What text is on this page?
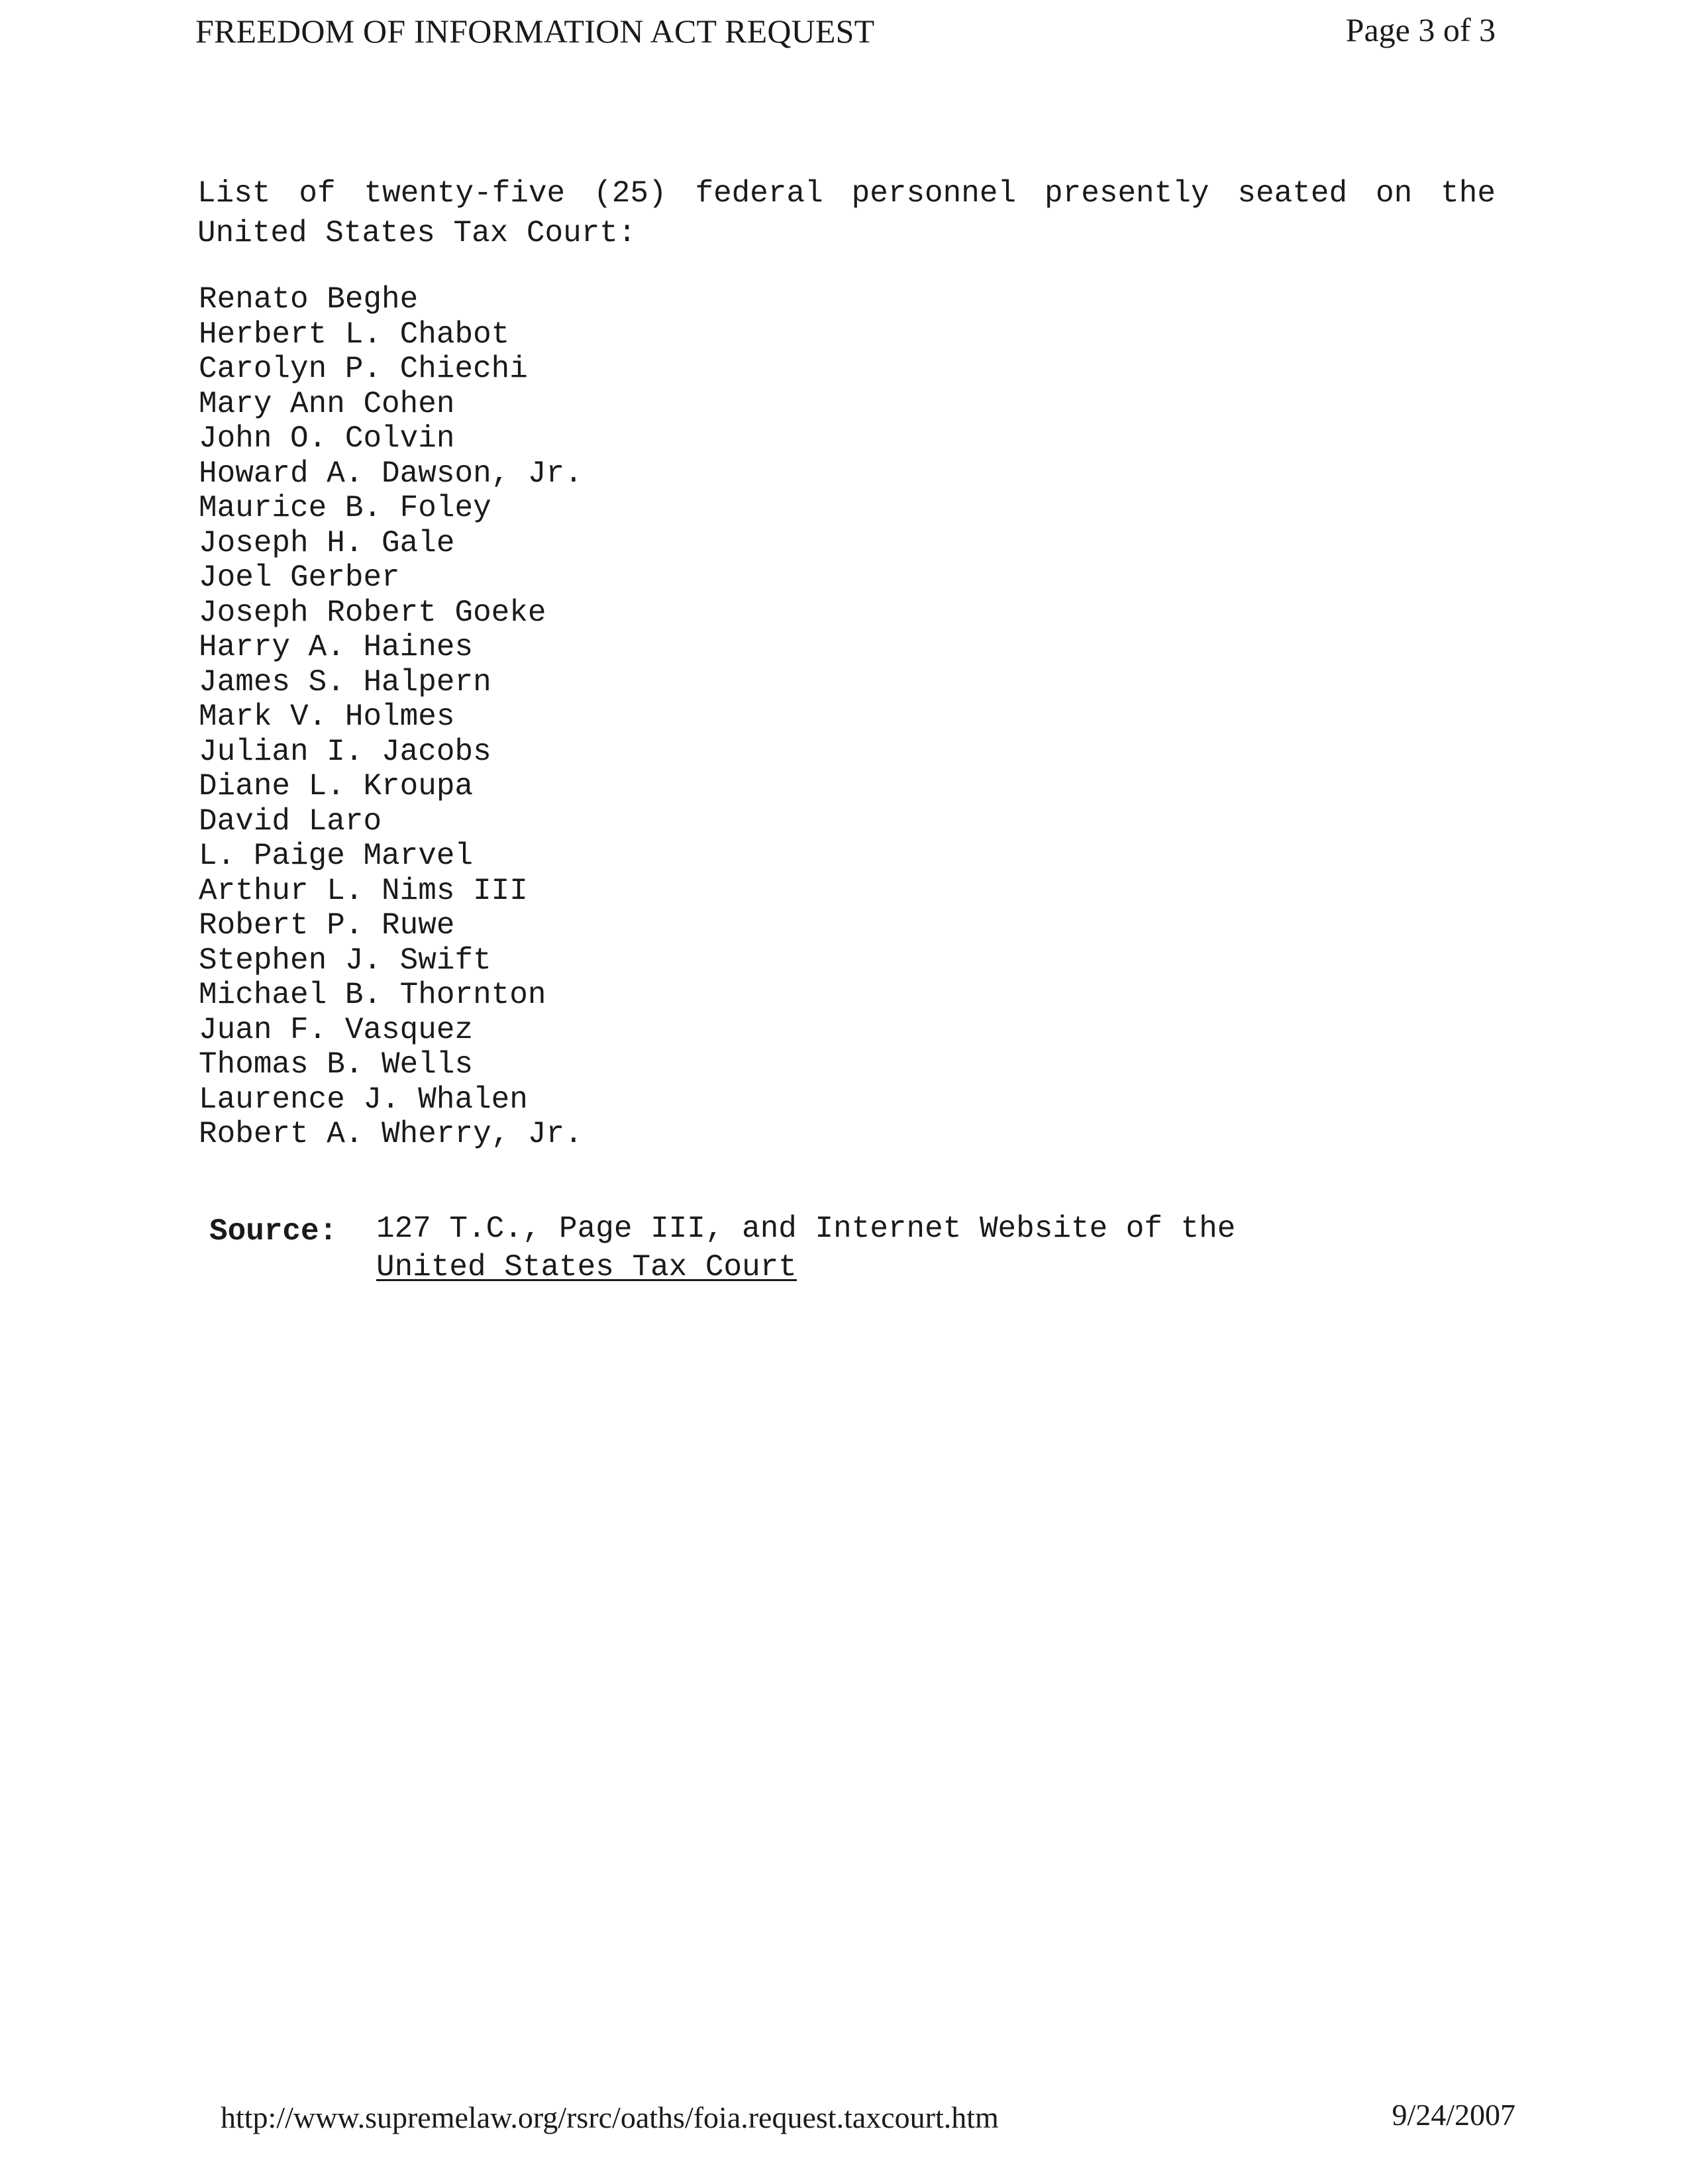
FREEDOM OF INFORMATION ACT REQUEST	Page 3 of 3
List of twenty-five (25) federal personnel presently seated on the
United States Tax Court:
Renato Beghe
Herbert L. Chabot
Carolyn P. Chiechi
Mary Ann Cohen
John O. Colvin
Howard A. Dawson, Jr.
Maurice B. Foley
Joseph H. Gale
Joel Gerber
Joseph Robert Goeke
Harry A. Haines
James S. Halpern
Mark V. Holmes
Julian I. Jacobs
Diane L. Kroupa
David Laro
L. Paige Marvel
Arthur L. Nims III
Robert P. Ruwe
Stephen J. Swift
Michael B. Thornton
Juan F. Vasquez
Thomas B. Wells
Laurence J. Whalen
Robert A. Wherry, Jr.
Source: 127 T.C., Page III, and Internet Website of the
United States Tax Court
http://www.supremelaw.org/rsrc/oaths/foia.request.taxcourt.htm	9/24/2007
